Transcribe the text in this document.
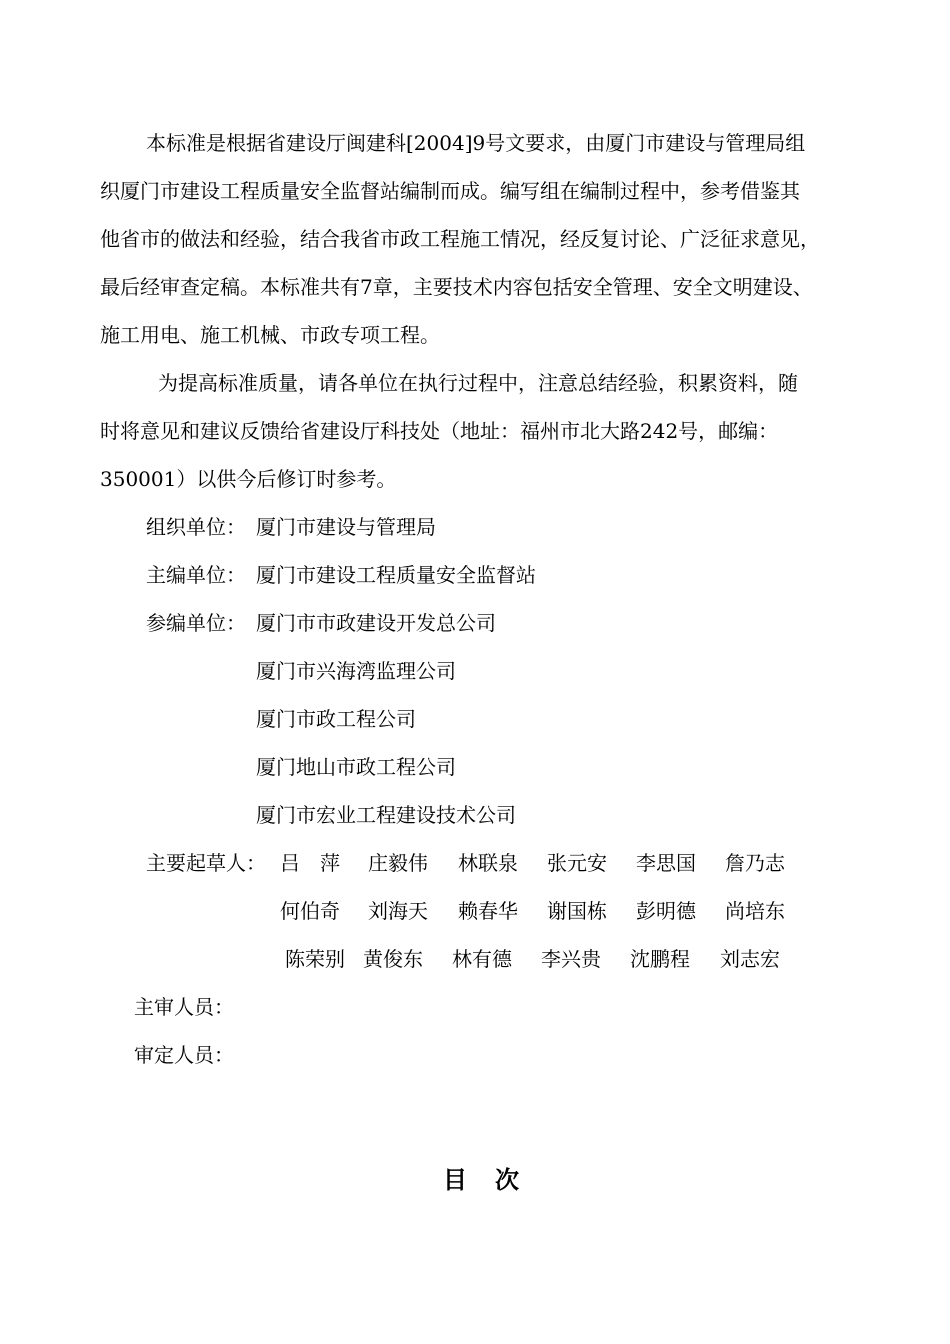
本标准是根据省建设厅闽建科[2004]9号文要求，由厦门市建设与管理局组
织厦门市建设工程质量安全监督站编制而成。编写组在编制过程中，参考借鉴其
他省市的做法和经验，结合我省市政工程施工情况，经反复讨论、广泛征求意见，
最后经审查定稿。本标准共有7章，主要技术内容包括安全管理、安全文明建设、
施工用电、施工机械、市政专项工程。
为提高标准质量，请各单位在执行过程中，注意总结经验，积累资料，随
时将意见和建议反馈给省建设厅科技处（地址：福州市北大路242号，邮编：
350001）以供今后修订时参考。
组织单位： 厦门市建设与管理局
主编单位： 厦门市建设工程质量安全监督站
参编单位： 厦门市市政建设开发总公司
厦门市兴海湾监理公司
厦门市政工程公司
厦门地山市政工程公司
厦门市宏业工程建设技术公司
主要起草人： 吕　萍 庄毅伟 林联泉 张元安 李思国 詹乃志
何伯奇 刘海天 赖春华 谢国栋 彭明德 尚培东
陈荣别 黄俊东 林有德 李兴贵 沈鹏程 刘志宏
主审人员：
审定人员：
目次
